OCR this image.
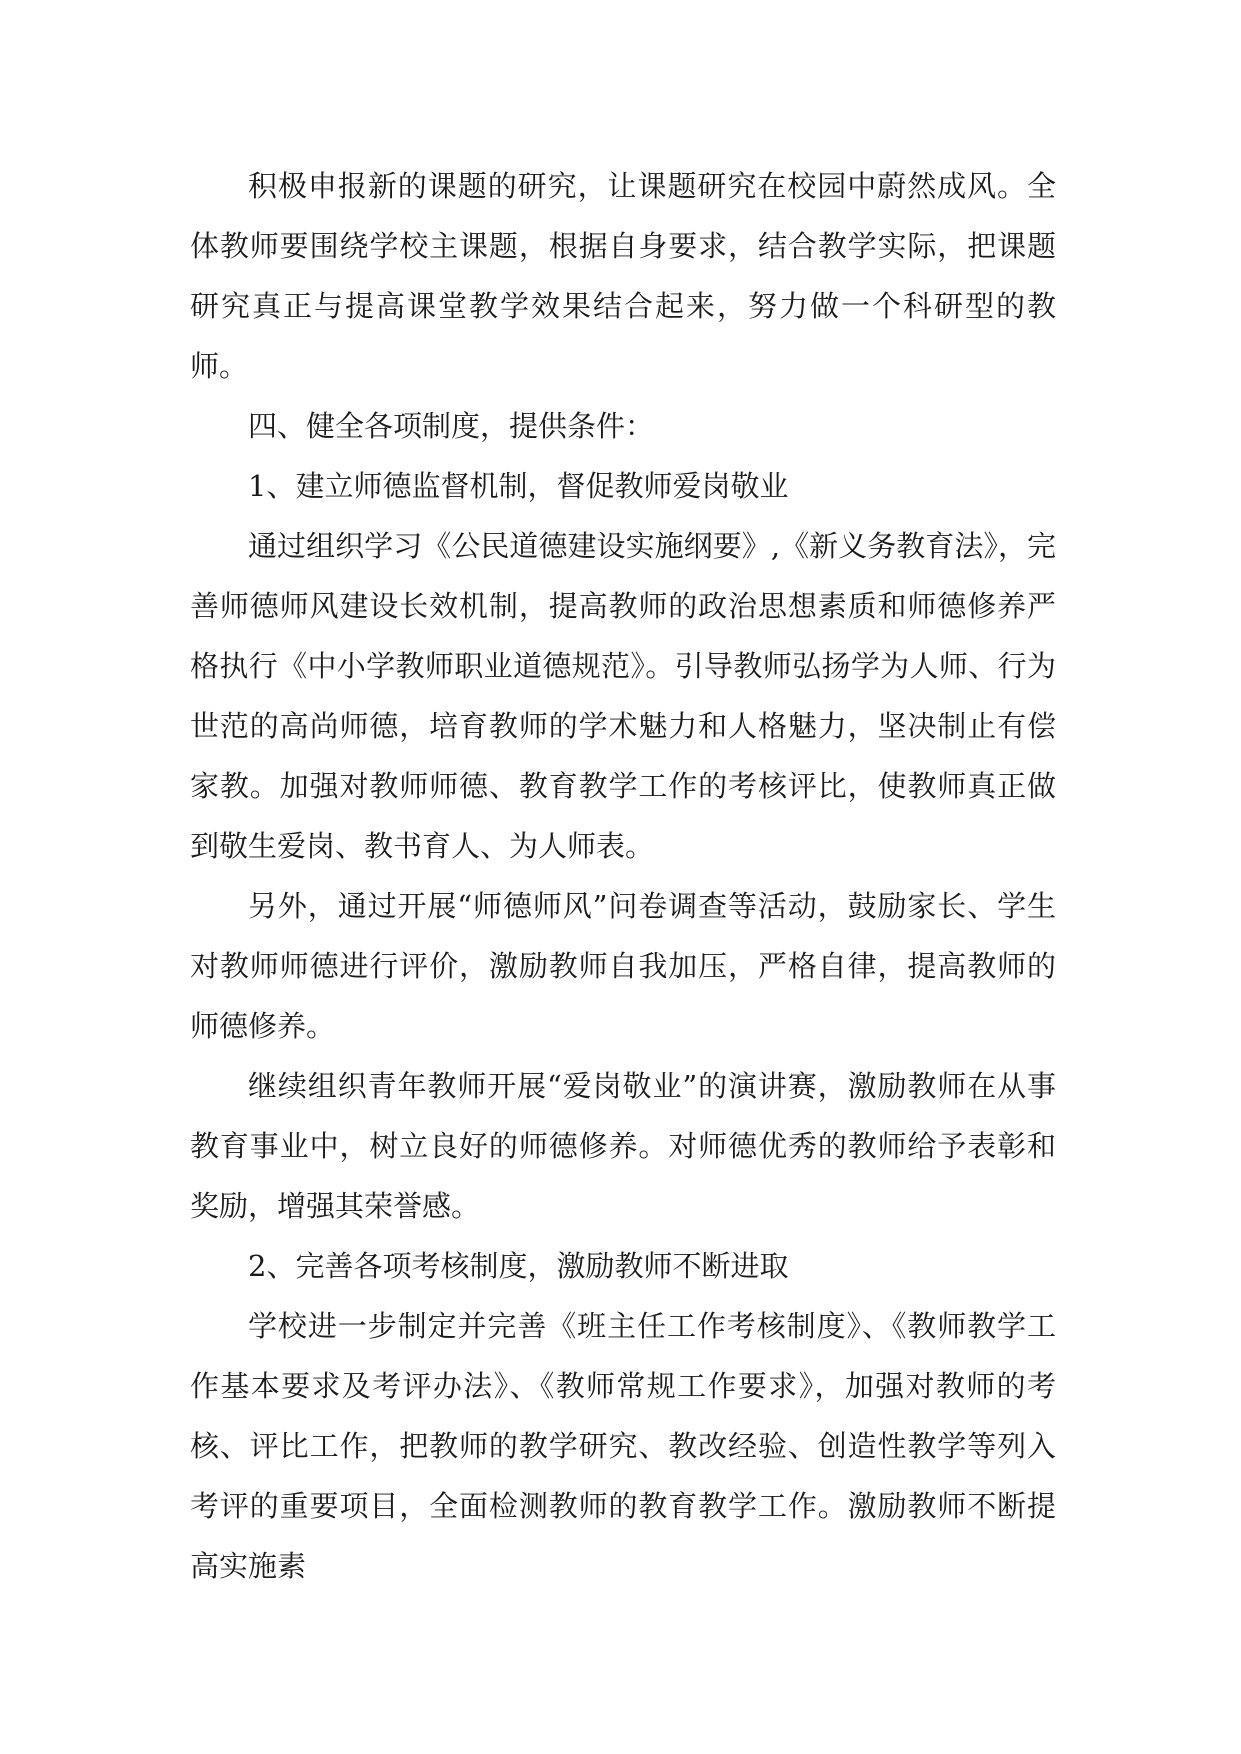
积极申报新的课题的研究，让课题研究在校园中蔚然成风。全体教师要围绕学校主课题，根据自身要求，结合教学实际，把课题研究真正与提高课堂教学效果结合起来，努力做一个科研型的教师。

四、健全各项制度，提供条件：

1、建立师德监督机制，督促教师爱岗敬业

通过组织学习《公民道德建设实施纲要》,《新义务教育法》，完善师德师风建设长效机制，提高教师的政治思想素质和师德修养严格执行《中小学教师职业道德规范》。引导教师弘扬学为人师、行为世范的高尚师德，培育教师的学术魅力和人格魅力，坚决制止有偿家教。加强对教师师德、教育教学工作的考核评比，使教师真正做到敬生爱岗、教书育人、为人师表。

另外，通过开展“师德师风”问卷调查等活动，鼓励家长、学生对教师师德进行评价，激励教师自我加压，严格自律，提高教师的师德修养。

继续组织青年教师开展“爱岗敬业”的演讲赛，激励教师在从事教育事业中，树立良好的师德修养。对师德优秀的教师给予表彰和奖励，增强其荣誉感。

2、完善各项考核制度，激励教师不断进取

学校进一步制定并完善《班主任工作考核制度》、《教师教学工作基本要求及考评办法》、《教师常规工作要求》，加强对教师的考核、评比工作，把教师的教学研究、教改经验、创造性教学等列入考评的重要项目，全面检测教师的教育教学工作。激励教师不断提高实施素
